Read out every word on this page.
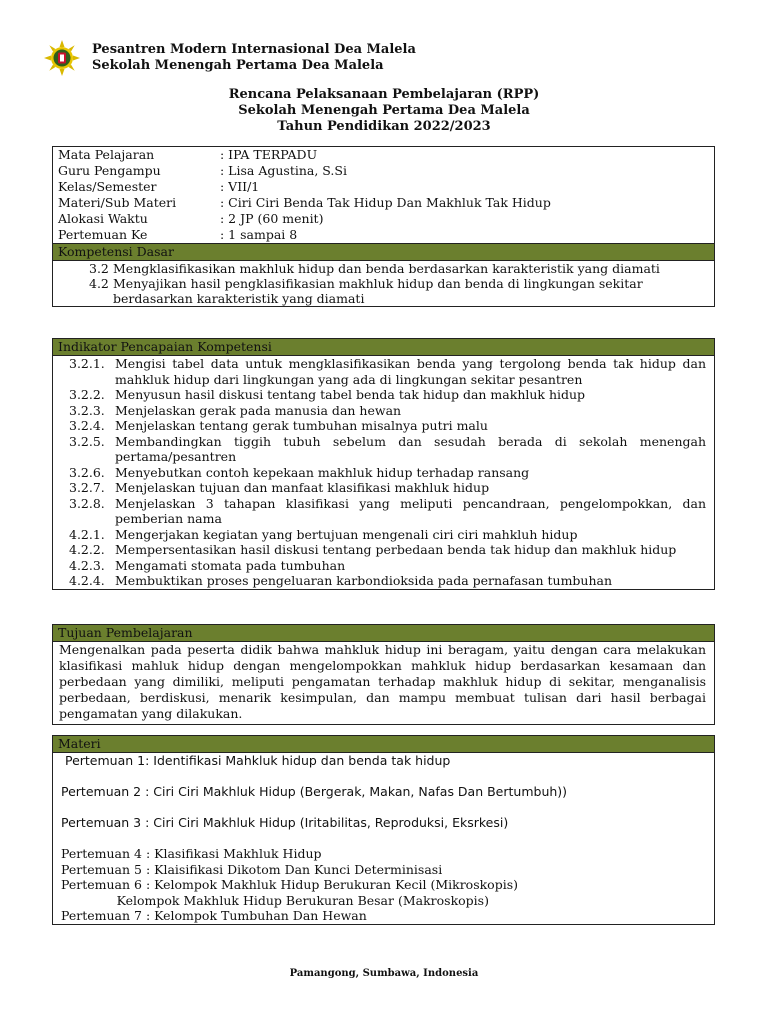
Pesantren Modern Internasional Dea Malela
Sekolah Menengah Pertama Dea Malela
Rencana Pelaksanaan Pembelajaran (RPP)
Sekolah Menengah Pertama Dea Malela
Tahun Pendidikan 2022/2023
Mata Pelajaran	: IPA TERPADU
Guru Pengampu	: Lisa Agustina, S.Si
Kelas/Semester	: VII/1
Materi/Sub Materi	: Ciri Ciri Benda Tak Hidup Dan Makhluk Tak Hidup
Alokasi Waktu	: 2 JP (60 menit)
Pertemuan Ke	: 1 sampai 8
Kompetensi Dasar
3.2 Mengklasifikasikan makhluk hidup dan benda berdasarkan karakteristik yang diamati
4.2 Menyajikan hasil pengklasifikasian makhluk hidup dan benda di lingkungan sekitar berdasarkan karakteristik yang diamati
Indikator Pencapaian Kompetensi
3.2.1. Mengisi tabel data untuk mengklasifikasikan benda yang tergolong benda tak hidup dan mahkluk hidup dari lingkungan yang ada di lingkungan sekitar pesantren
3.2.2. Menyusun hasil diskusi tentang tabel benda tak hidup dan makhluk hidup
3.2.3. Menjelaskan gerak pada manusia dan hewan
3.2.4. Menjelaskan tentang gerak tumbuhan misalnya putri malu
3.2.5. Membandingkan tiggih tubuh sebelum dan sesudah berada di sekolah menengah pertama/pesantren
3.2.6. Menyebutkan contoh kepekaan makhluk hidup terhadap ransang
3.2.7. Menjelaskan tujuan dan manfaat klasifikasi makhluk hidup
3.2.8. Menjelaskan 3 tahapan klasifikasi yang meliputi pencandraan, pengelompokkan, dan pemberian nama
4.2.1. Mengerjakan kegiatan yang bertujuan mengenali ciri ciri mahkluh hidup
4.2.2. Mempersentasikan hasil diskusi tentang perbedaan benda tak hidup dan makhluk hidup
4.2.3. Mengamati stomata pada tumbuhan
4.2.4. Membuktikan proses pengeluaran karbondioksida pada pernafasan tumbuhan
Tujuan Pembelajaran
Mengenalkan pada peserta didik bahwa mahkluk hidup ini beragam, yaitu dengan cara melakukan klasifikasi mahluk hidup dengan mengelompokkan mahkluk hidup berdasarkan kesamaan dan perbedaan yang dimiliki, meliputi pengamatan terhadap makhluk hidup di sekitar, menganalisis perbedaan, berdiskusi, menarik kesimpulan, dan mampu membuat tulisan dari hasil berbagai pengamatan yang dilakukan.
Materi
Pertemuan 1: Identifikasi Mahkluk hidup dan benda tak hidup
Pertemuan 2 : Ciri Ciri Makhluk Hidup (Bergerak, Makan, Nafas Dan Bertumbuh))
Pertemuan 3 : Ciri Ciri Makhluk Hidup (Iritabilitas, Reproduksi, Eksrkesi)
Pertemuan 4 : Klasifikasi Makhluk Hidup
Pertemuan 5 : Klaisifikasi Dikotom Dan Kunci Determinisasi
Pertemuan 6 : Kelompok Makhluk Hidup Berukuran Kecil (Mikroskopis)
Kelompok Makhluk Hidup Berukuran Besar (Makroskopis)
Pertemuan 7 : Kelompok Tumbuhan Dan Hewan
Pamangong, Sumbawa, Indonesia
